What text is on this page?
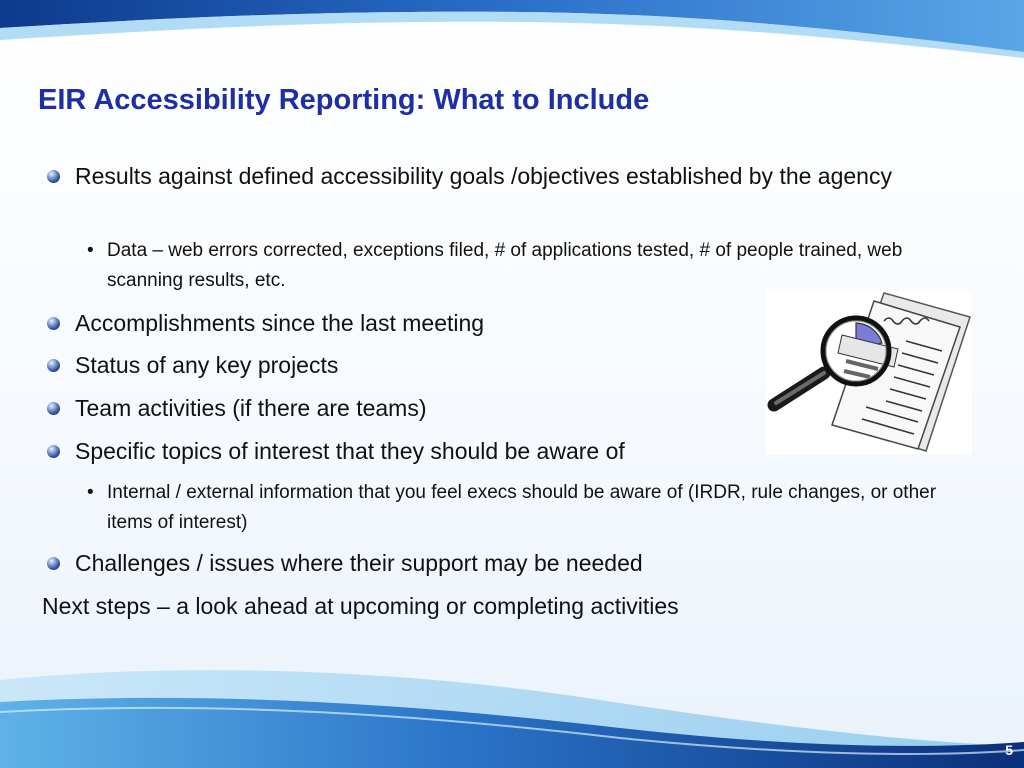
EIR Accessibility Reporting: What to Include
Results against defined accessibility goals /objectives established by the agency
• Data – web errors corrected, exceptions filed, # of applications tested, # of people trained, web scanning results, etc.
Accomplishments since the last meeting
Status of any key projects
Team activities (if there are teams)
Specific topics of interest that they should be aware of
• Internal / external information that you feel execs should be aware of (IRDR, rule changes, or other items of interest)
Challenges / issues where their support may be needed
Next steps – a look ahead at upcoming or completing activities
5
